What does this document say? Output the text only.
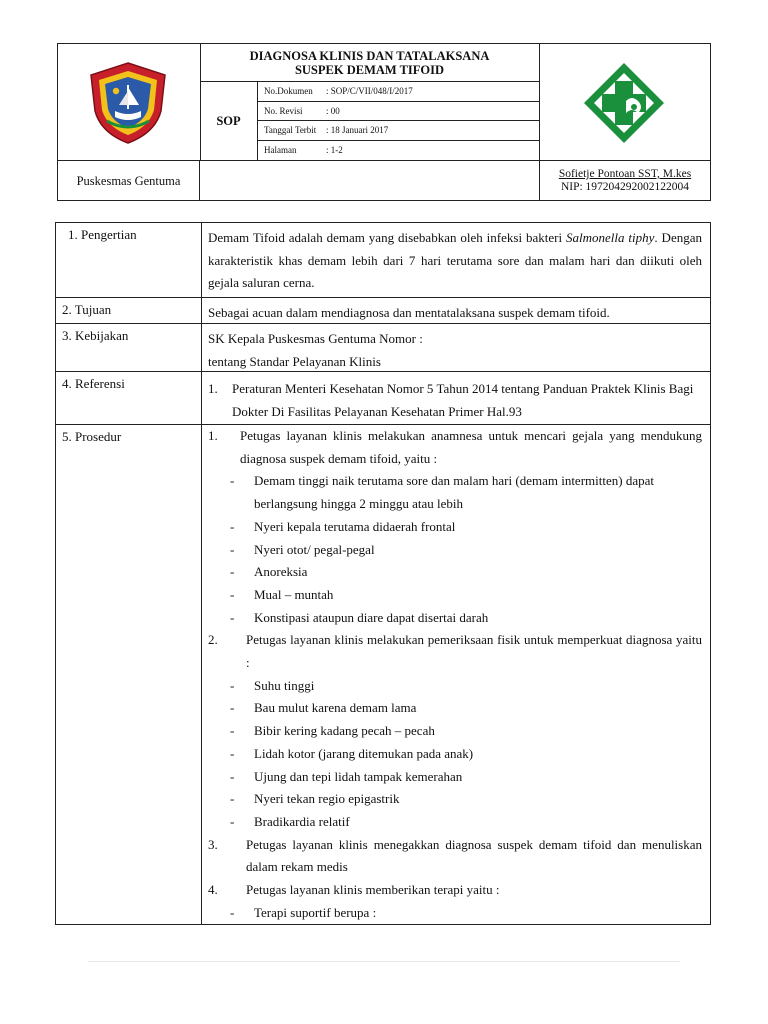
DIAGNOSA KLINIS DAN TATALAKSANA
SUSPEK DEMAM TIFOID
SOP
No.Dokumen	: SOP/C/VII/048/I/2017
No. Revisi	: 00
Tanggal Terbit	: 18 Januari 2017
Halaman	: 1-2
Puskesmas Gentuma	Sofietje Pontoan SST, M.kes
NIP: 197204292002122004
1. Pengertian	Demam Tifoid adalah demam yang disebabkan oleh infeksi bakteri Salmonella tiphy. Dengan karakteristik khas demam lebih dari 7 hari terutama sore dan malam hari dan diikuti oleh gejala saluran cerna.
2. Tujuan	Sebagai acuan dalam mendiagnosa dan mentatalaksana suspek demam tifoid.
3. Kebijakan	SK Kepala Puskesmas Gentuma Nomor :
tentang Standar Pelayanan Klinis
4. Referensi	1. Peraturan Menteri Kesehatan Nomor 5 Tahun 2014 tentang Panduan Praktek Klinis Bagi Dokter Di Fasilitas Pelayanan Kesehatan Primer Hal.93
5. Prosedur	1. Petugas layanan klinis melakukan anamnesa untuk mencari gejala yang mendukung diagnosa suspek demam tifoid, yaitu :
- Demam tinggi naik terutama sore dan malam hari (demam intermitten) dapat berlangsung hingga 2 minggu atau lebih
- Nyeri kepala terutama didaerah frontal
- Nyeri otot/ pegal-pegal
- Anoreksia
- Mual – muntah
- Konstipasi ataupun diare dapat disertai darah
2. Petugas layanan klinis melakukan pemeriksaan fisik untuk memperkuat diagnosa yaitu :
- Suhu tinggi
- Bau mulut karena demam lama
- Bibir kering kadang pecah – pecah
- Lidah kotor (jarang ditemukan pada anak)
- Ujung dan tepi lidah tampak kemerahan
- Nyeri tekan regio epigastrik
- Bradikardia relatif
3. Petugas layanan klinis menegakkan diagnosa suspek demam tifoid dan menuliskan dalam rekam medis
4. Petugas layanan klinis memberikan terapi yaitu :
- Terapi suportif berupa :
